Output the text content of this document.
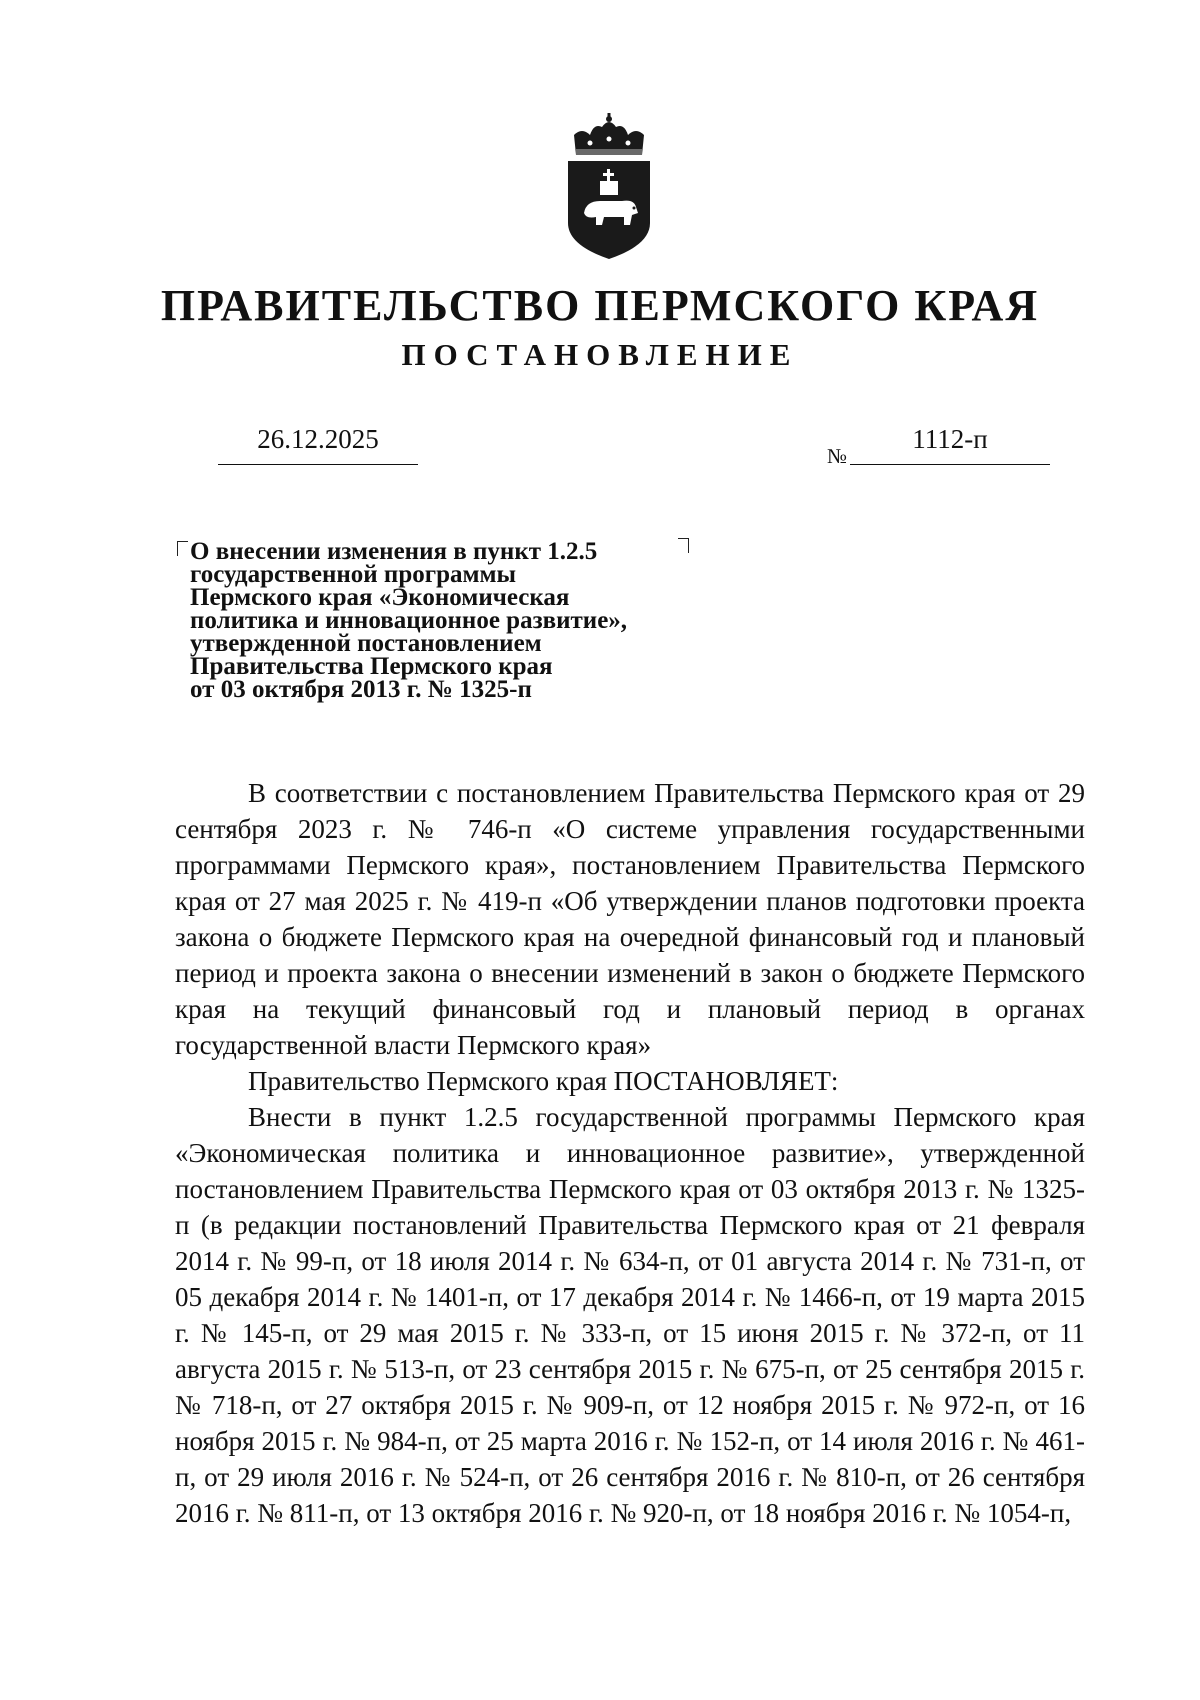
ПРАВИТЕЛЬСТВО ПЕРМСКОГО КРАЯ
ПОСТАНОВЛЕНИЕ
26.12.2025
№
1112-п
О внесении изменения в пункт 1.2.5
государственной программы
Пермского края «Экономическая
политика и инновационное развитие»,
утвержденной постановлением
Правительства Пермского края
от 03 октября 2013 г. № 1325-п

В соответствии с постановлением Правительства Пермского края от 29 сентября 2023 г. № 746-п «О системе управления государственными программами Пермского края», постановлением Правительства Пермского края от 27 мая 2025 г. № 419-п «Об утверждении планов подготовки проекта закона о бюджете Пермского края на очередной финансовый год и плановый период и проекта закона о внесении изменений в закон о бюджете Пермского края на текущий финансовый год и плановый период в органах государственной власти Пермского края»

Правительство Пермского края ПОСТАНОВЛЯЕТ:

Внести в пункт 1.2.5 государственной программы Пермского края «Экономическая политика и инновационное развитие», утвержденной постановлением Правительства Пермского края от 03 октября 2013 г. № 1325-п (в редакции постановлений Правительства Пермского края от 21 февраля 2014 г. № 99-п, от 18 июля 2014 г. № 634-п, от 01 августа 2014 г. № 731-п, от 05 декабря 2014 г. № 1401-п, от 17 декабря 2014 г. № 1466-п, от 19 марта 2015 г. № 145-п, от 29 мая 2015 г. № 333-п, от 15 июня 2015 г. № 372-п, от 11 августа 2015 г. № 513-п, от 23 сентября 2015 г. № 675-п, от 25 сентября 2015 г. № 718-п, от 27 октября 2015 г. № 909-п, от 12 ноября 2015 г. № 972-п, от 16 ноября 2015 г. № 984-п, от 25 марта 2016 г. № 152-п, от 14 июля 2016 г. № 461-п, от 29 июля 2016 г. № 524-п, от 26 сентября 2016 г. № 810-п, от 26 сентября 2016 г. № 811-п, от 13 октября 2016 г. № 920-п, от 18 ноября 2016 г. № 1054-п,
